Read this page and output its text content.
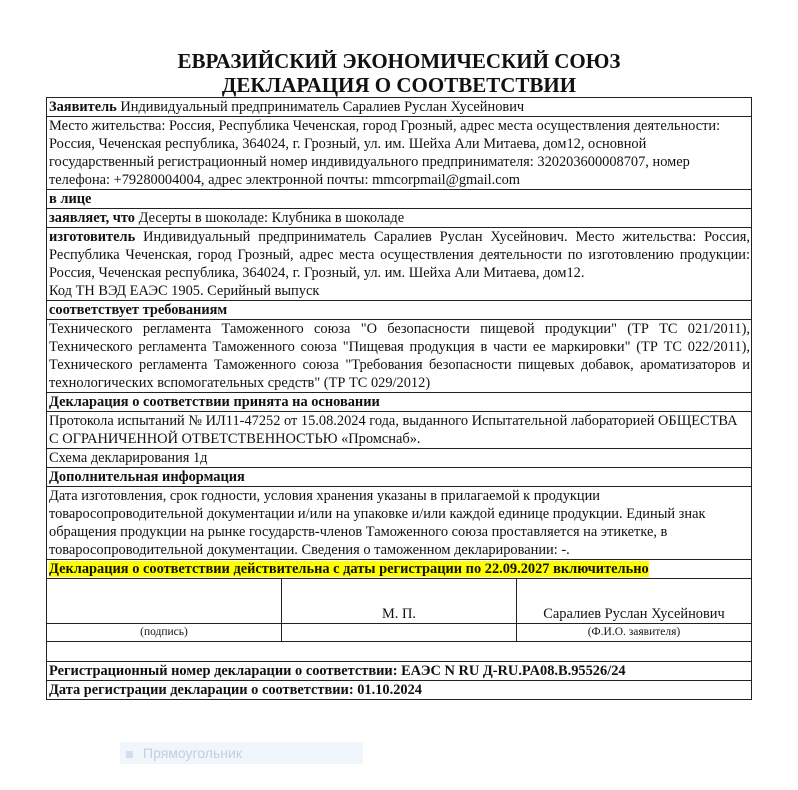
ЕВРАЗИЙСКИЙ ЭКОНОМИЧЕСКИЙ СОЮЗ
ДЕКЛАРАЦИЯ О СООТВЕТСТВИИ
Заявитель Индивидуальный предприниматель Саралиев Руслан Хусейнович
Место жительства: Россия, Республика Чеченская, город Грозный, адрес места осуществления деятельности: Россия, Чеченская республика, 364024, г. Грозный, ул. им. Шейха Али Митаева, дом12, основной государственный регистрационный номер индивидуального предпринимателя: 320203600008707, номер телефона: +79280004004, адрес электронной почты: mmcorpmail@gmail.com
в лице
заявляет, что Десерты в шоколаде: Клубника в шоколаде
изготовитель Индивидуальный предприниматель Саралиев Руслан Хусейнович. Место жительства: Россия, Республика Чеченская, город Грозный, адрес места осуществления деятельности по изготовлению продукции: Россия, Чеченская республика, 364024, г. Грозный, ул. им. Шейха Али Митаева, дом12.
Код ТН ВЭД ЕАЭС 1905. Серийный выпуск
соответствует требованиям
Технического регламента Таможенного союза "О безопасности пищевой продукции" (ТР ТС 021/2011), Технического регламента Таможенного союза "Пищевая продукция в части ее маркировки" (ТР ТС 022/2011), Технического регламента Таможенного союза "Требования безопасности пищевых добавок, ароматизаторов и технологических вспомогательных средств" (ТР ТС 029/2012)
Декларация о соответствии принята на основании
Протокола испытаний № ИЛ11-47252 от 15.08.2024 года, выданного Испытательной лабораторией ОБЩЕСТВА С ОГРАНИЧЕННОЙ ОТВЕТСТВЕННОСТЬЮ «Промснаб».
Схема декларирования 1д
Дополнительная информация
Дата изготовления, срок годности, условия хранения указаны в прилагаемой к продукции товаросопроводительной документации и/или на упаковке и/или каждой единице продукции. Единый знак обращения продукции на рынке государств-членов Таможенного союза проставляется на этикетке, в товаросопроводительной документации. Сведения о таможенном декларировании: -.
Декларация о соответствии действительна с даты регистрации по 22.09.2027 включительно
М. П.	Саралиев Руслан Хусейнович
(подпись)	(Ф.И.О. заявителя)
Регистрационный номер декларации о соответствии: ЕАЭС N RU Д-RU.PA08.B.95526/24
Дата регистрации декларации о соответствии: 01.10.2024
Прямоугольник
